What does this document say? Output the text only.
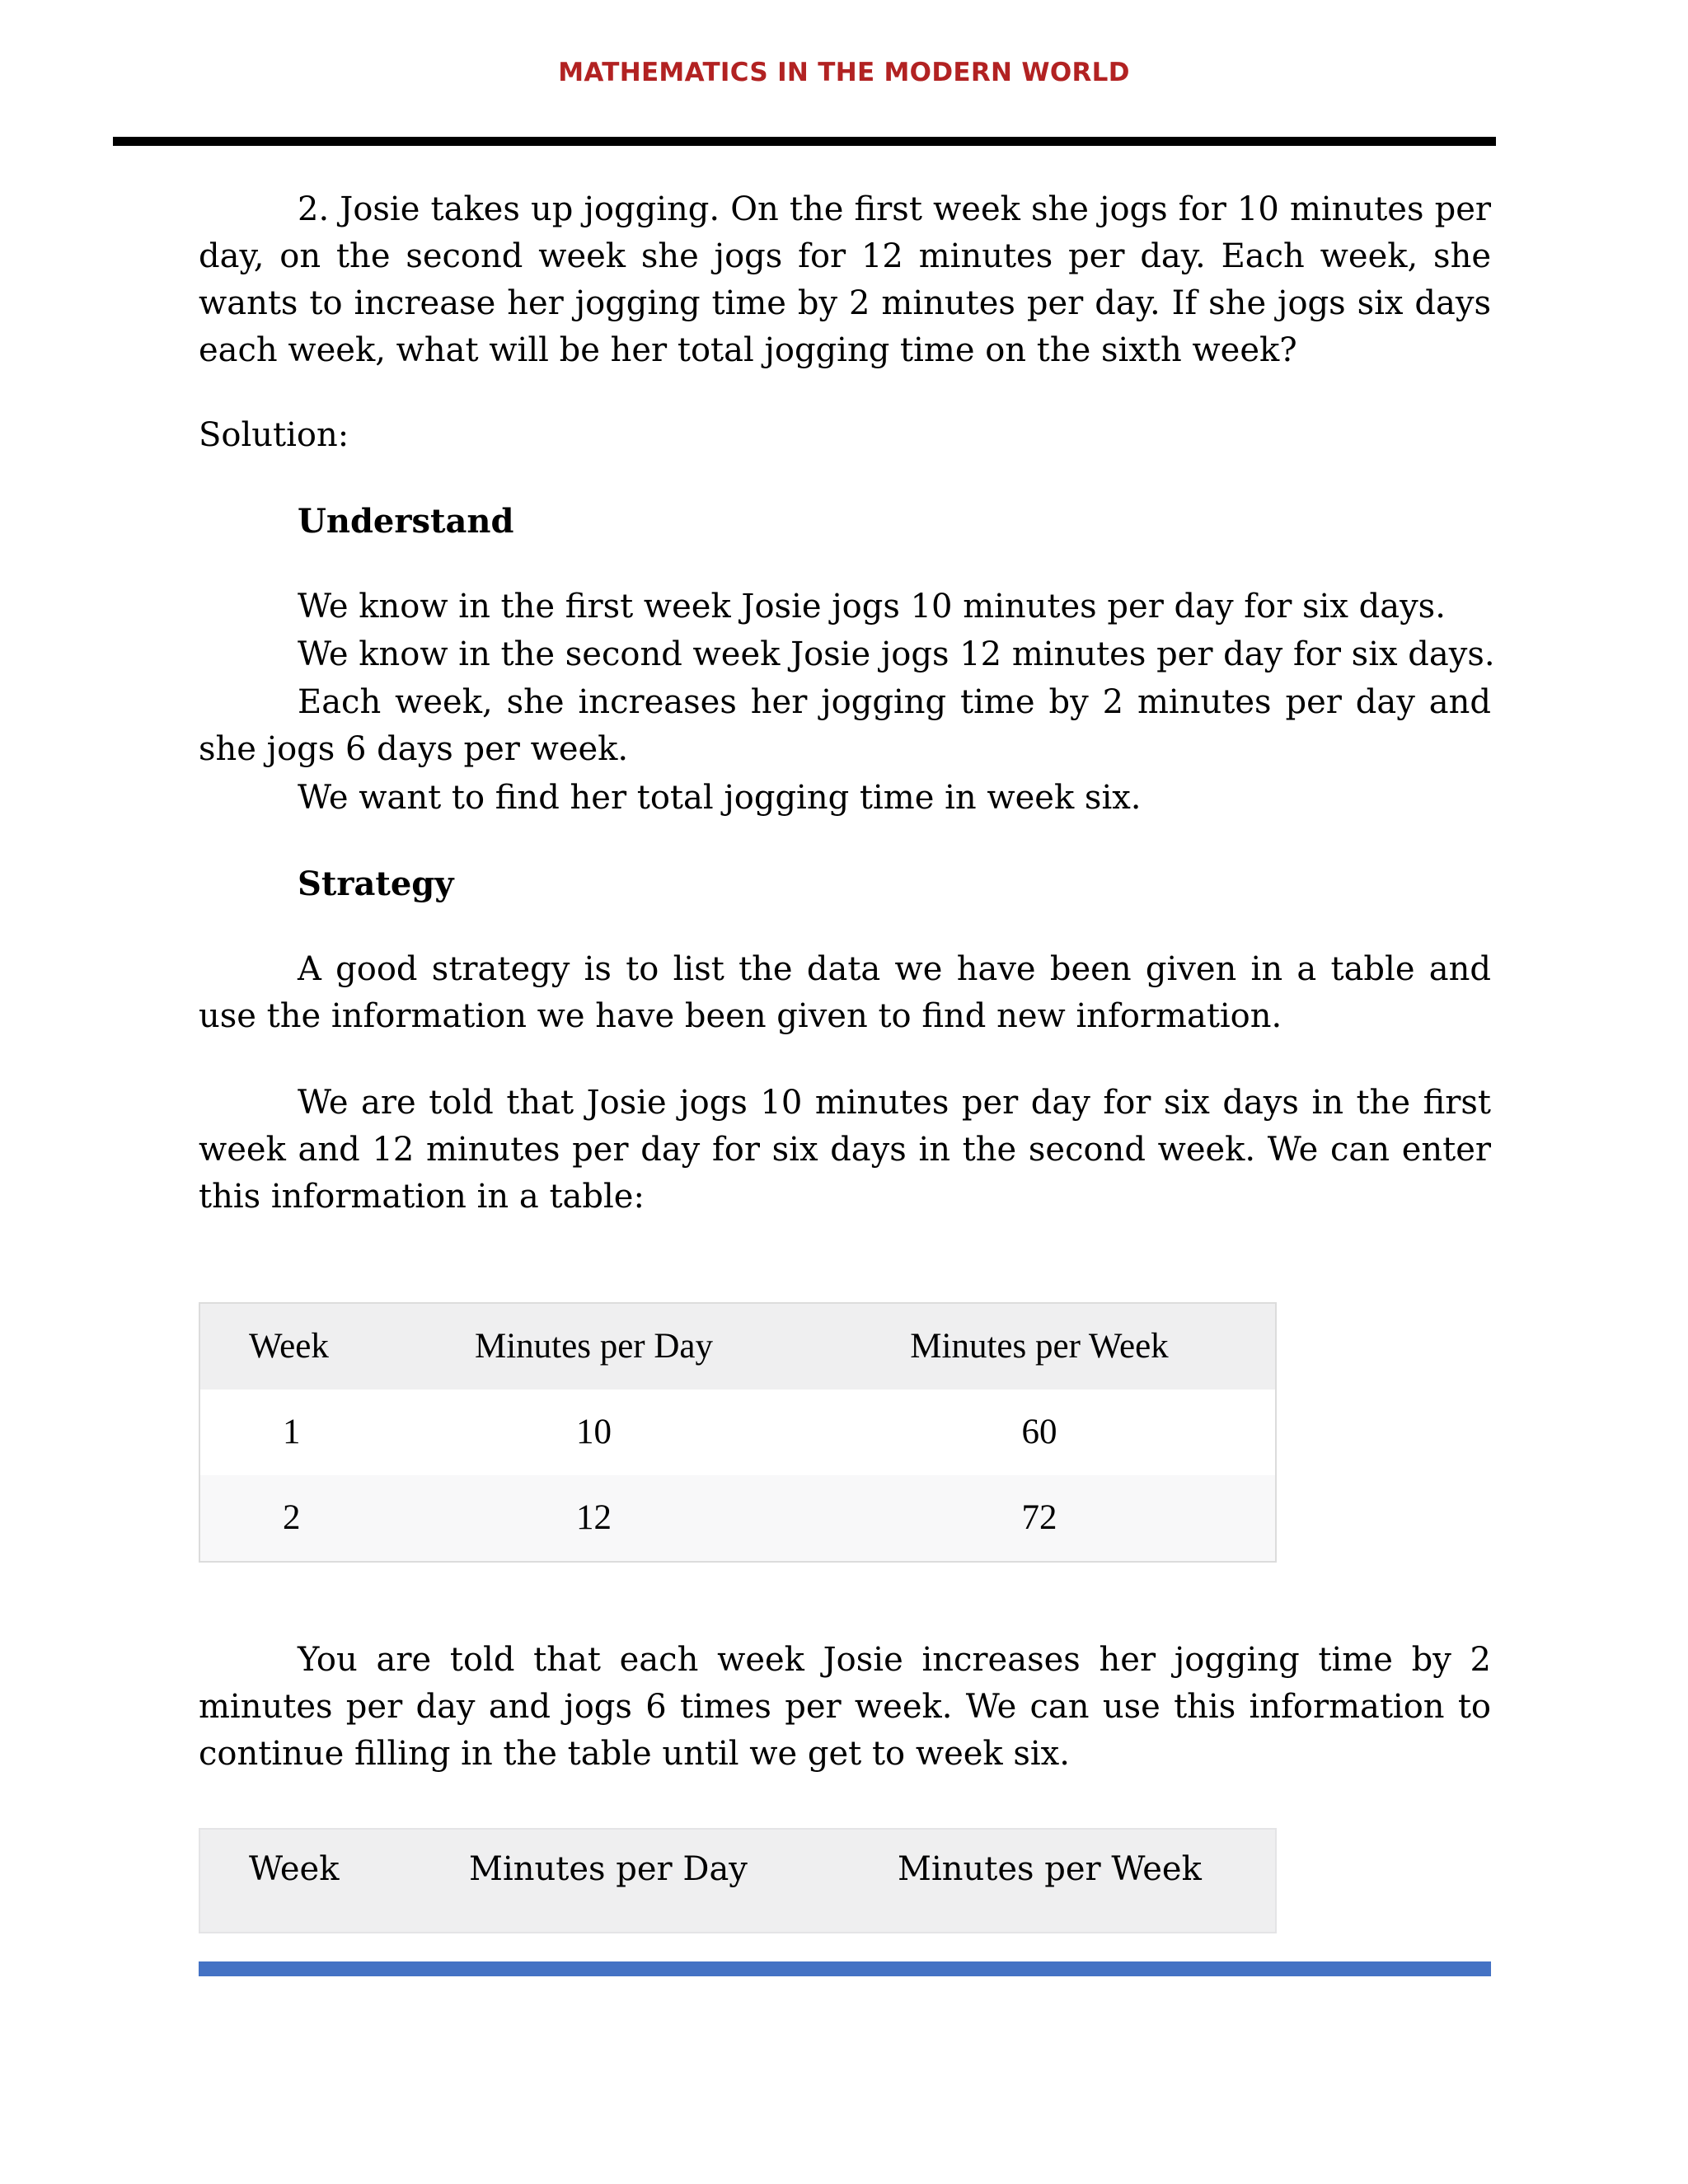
MATHEMATICS IN THE MODERN WORLD

2. Josie takes up jogging. On the first week she jogs for 10 minutes per day, on the second week she jogs for 12 minutes per day. Each week, she wants to increase her jogging time by 2 minutes per day. If she jogs six days each week, what will be her total jogging time on the sixth week?

Solution:

Understand

We know in the first week Josie jogs 10 minutes per day for six days.

We know in the second week Josie jogs 12 minutes per day for six days.

Each week, she increases her jogging time by 2 minutes per day and she jogs 6 days per week.

We want to find her total jogging time in week six.

Strategy

A good strategy is to list the data we have been given in a table and use the information we have been given to find new information.

We are told that Josie jogs 10 minutes per day for six days in the first week and 12 minutes per day for six days in the second week. We can enter this information in a table:

Week	Minutes per Day	Minutes per Week
1	10	60
2	12	72

You are told that each week Josie increases her jogging time by 2 minutes per day and jogs 6 times per week. We can use this information to continue filling in the table until we get to week six.

Week	Minutes per Day	Minutes per Week
